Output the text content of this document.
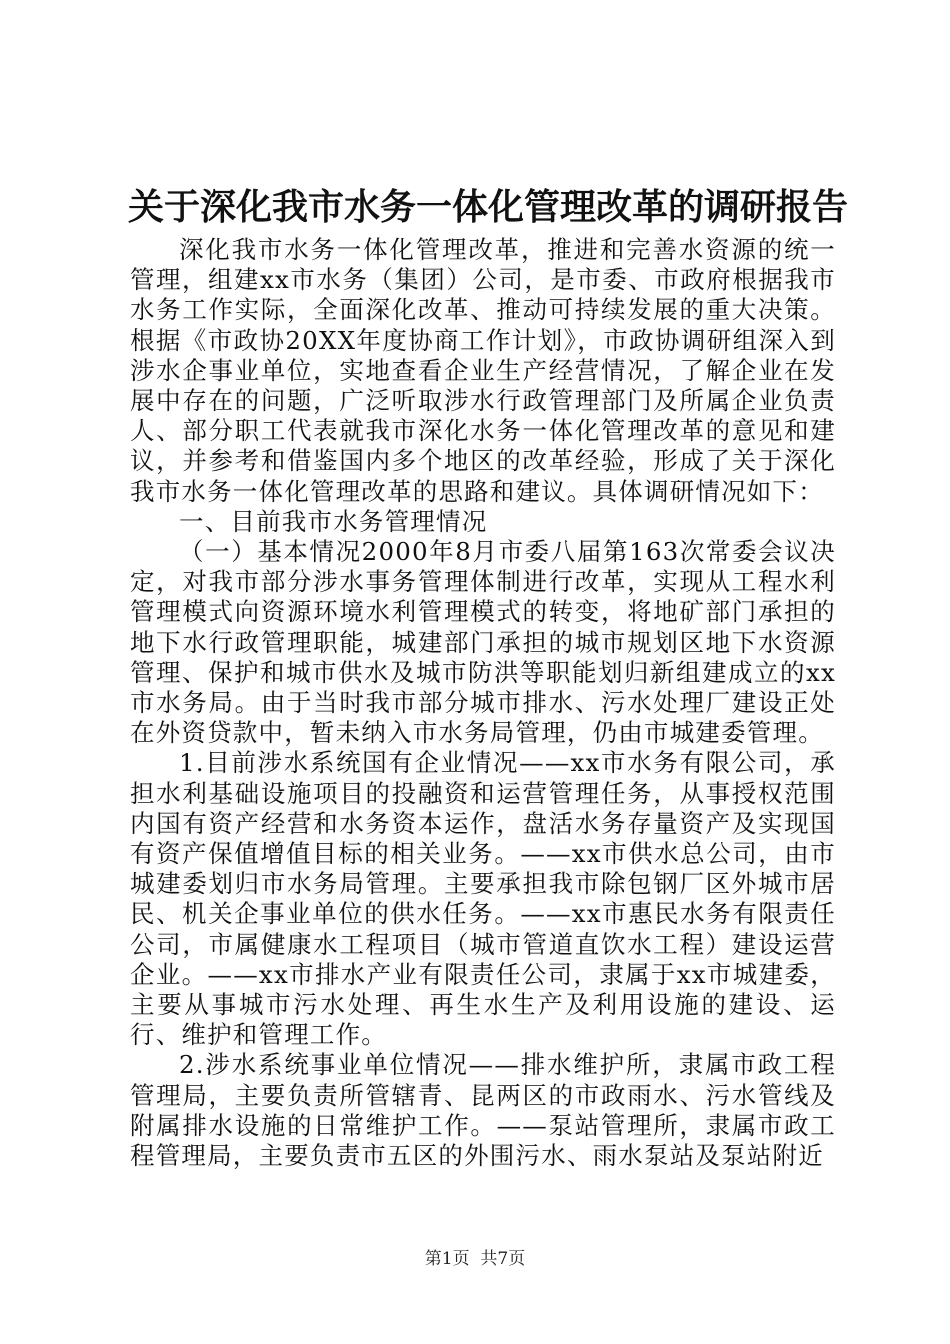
关于深化我市水务一体化管理改革的调研报告

深化我市水务一体化管理改革，推进和完善水资源的统一管理，组建xx市水务（集团）公司，是市委、市政府根据我市水务工作实际，全面深化改革、推动可持续发展的重大决策。根据《市政协20XX年度协商工作计划》，市政协调研组深入到涉水企事业单位，实地查看企业生产经营情况，了解企业在发展中存在的问题，广泛听取涉水行政管理部门及所属企业负责人、部分职工代表就我市深化水务一体化管理改革的意见和建议，并参考和借鉴国内多个地区的改革经验，形成了关于深化我市水务一体化管理改革的思路和建议。具体调研情况如下：

一、目前我市水务管理情况

（一）基本情况2000年8月市委八届第163次常委会议决定，对我市部分涉水事务管理体制进行改革，实现从工程水利管理模式向资源环境水利管理模式的转变，将地矿部门承担的地下水行政管理职能，城建部门承担的城市规划区地下水资源管理、保护和城市供水及城市防洪等职能划归新组建成立的xx市水务局。由于当时我市部分城市排水、污水处理厂建设正处在外资贷款中，暂未纳入市水务局管理，仍由市城建委管理。

1.目前涉水系统国有企业情况——xx市水务有限公司，承担水利基础设施项目的投融资和运营管理任务，从事授权范围内国有资产经营和水务资本运作，盘活水务存量资产及实现国有资产保值增值目标的相关业务。——xx市供水总公司，由市城建委划归市水务局管理。主要承担我市除包钢厂区外城市居民、机关企事业单位的供水任务。——xx市惠民水务有限责任公司，市属健康水工程项目（城市管道直饮水工程）建设运营企业。——xx市排水产业有限责任公司，隶属于xx市城建委，主要从事城市污水处理、再生水生产及利用设施的建设、运行、维护和管理工作。

2.涉水系统事业单位情况——排水维护所，隶属市政工程管理局，主要负责所管辖青、昆两区的市政雨水、污水管线及附属排水设施的日常维护工作。——泵站管理所，隶属市政工程管理局，主要负责市五区的外围污水、雨水泵站及泵站附近

第1页  共7页
